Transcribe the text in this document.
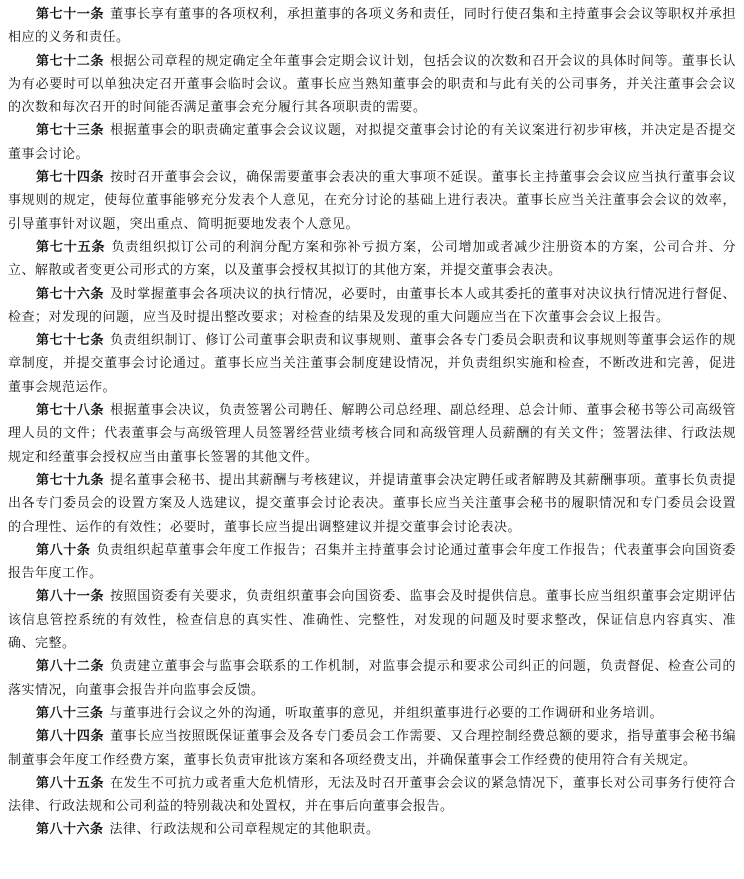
第七十一条 董事长享有董事的各项权利，承担董事的各项义务和责任，同时行使召集和主持董事会会议等职权并承担相应的义务和责任。

第七十二条 根据公司章程的规定确定全年董事会定期会议计划，包括会议的次数和召开会议的具体时间等。董事长认为有必要时可以单独决定召开董事会临时会议。董事长应当熟知董事会的职责和与此有关的公司事务，并关注董事会会议的次数和每次召开的时间能否满足董事会充分履行其各项职责的需要。

第七十三条 根据董事会的职责确定董事会会议议题，对拟提交董事会讨论的有关议案进行初步审核，并决定是否提交董事会讨论。

第七十四条 按时召开董事会会议，确保需要董事会表决的重大事项不延误。董事长主持董事会会议应当执行董事会议事规则的规定，使每位董事能够充分发表个人意见，在充分讨论的基础上进行表决。董事长应当关注董事会会议的效率，引导董事针对议题，突出重点、简明扼要地发表个人意见。

第七十五条 负责组织拟订公司的利润分配方案和弥补亏损方案，公司增加或者减少注册资本的方案，公司合并、分立、解散或者变更公司形式的方案，以及董事会授权其拟订的其他方案，并提交董事会表决。

第七十六条 及时掌握董事会各项决议的执行情况，必要时，由董事长本人或其委托的董事对决议执行情况进行督促、检查；对发现的问题，应当及时提出整改要求；对检查的结果及发现的重大问题应当在下次董事会会议上报告。

第七十七条 负责组织制订、修订公司董事会职责和议事规则、董事会各专门委员会职责和议事规则等董事会运作的规章制度，并提交董事会讨论通过。董事长应当关注董事会制度建设情况，并负责组织实施和检查，不断改进和完善，促进董事会规范运作。

第七十八条 根据董事会决议，负责签署公司聘任、解聘公司总经理、副总经理、总会计师、董事会秘书等公司高级管理人员的文件；代表董事会与高级管理人员签署经营业绩考核合同和高级管理人员薪酬的有关文件；签署法律、行政法规规定和经董事会授权应当由董事长签署的其他文件。

第七十九条 提名董事会秘书、提出其薪酬与考核建议，并提请董事会决定聘任或者解聘及其薪酬事项。董事长负责提出各专门委员会的设置方案及人选建议，提交董事会讨论表决。董事长应当关注董事会秘书的履职情况和专门委员会设置的合理性、运作的有效性；必要时，董事长应当提出调整建议并提交董事会讨论表决。

第八十条 负责组织起草董事会年度工作报告；召集并主持董事会讨论通过董事会年度工作报告；代表董事会向国资委报告年度工作。

第八十一条 按照国资委有关要求，负责组织董事会向国资委、监事会及时提供信息。董事长应当组织董事会定期评估该信息管控系统的有效性，检查信息的真实性、准确性、完整性，对发现的问题及时要求整改，保证信息内容真实、准确、完整。

第八十二条 负责建立董事会与监事会联系的工作机制，对监事会提示和要求公司纠正的问题，负责督促、检查公司的落实情况，向董事会报告并向监事会反馈。

第八十三条 与董事进行会议之外的沟通，听取董事的意见，并组织董事进行必要的工作调研和业务培训。

第八十四条 董事长应当按照既保证董事会及各专门委员会工作需要、又合理控制经费总额的要求，指导董事会秘书编制董事会年度工作经费方案，董事长负责审批该方案和各项经费支出，并确保董事会工作经费的使用符合有关规定。

第八十五条 在发生不可抗力或者重大危机情形，无法及时召开董事会会议的紧急情况下，董事长对公司事务行使符合法律、行政法规和公司利益的特别裁决和处置权，并在事后向董事会报告。

第八十六条 法律、行政法规和公司章程规定的其他职责。
